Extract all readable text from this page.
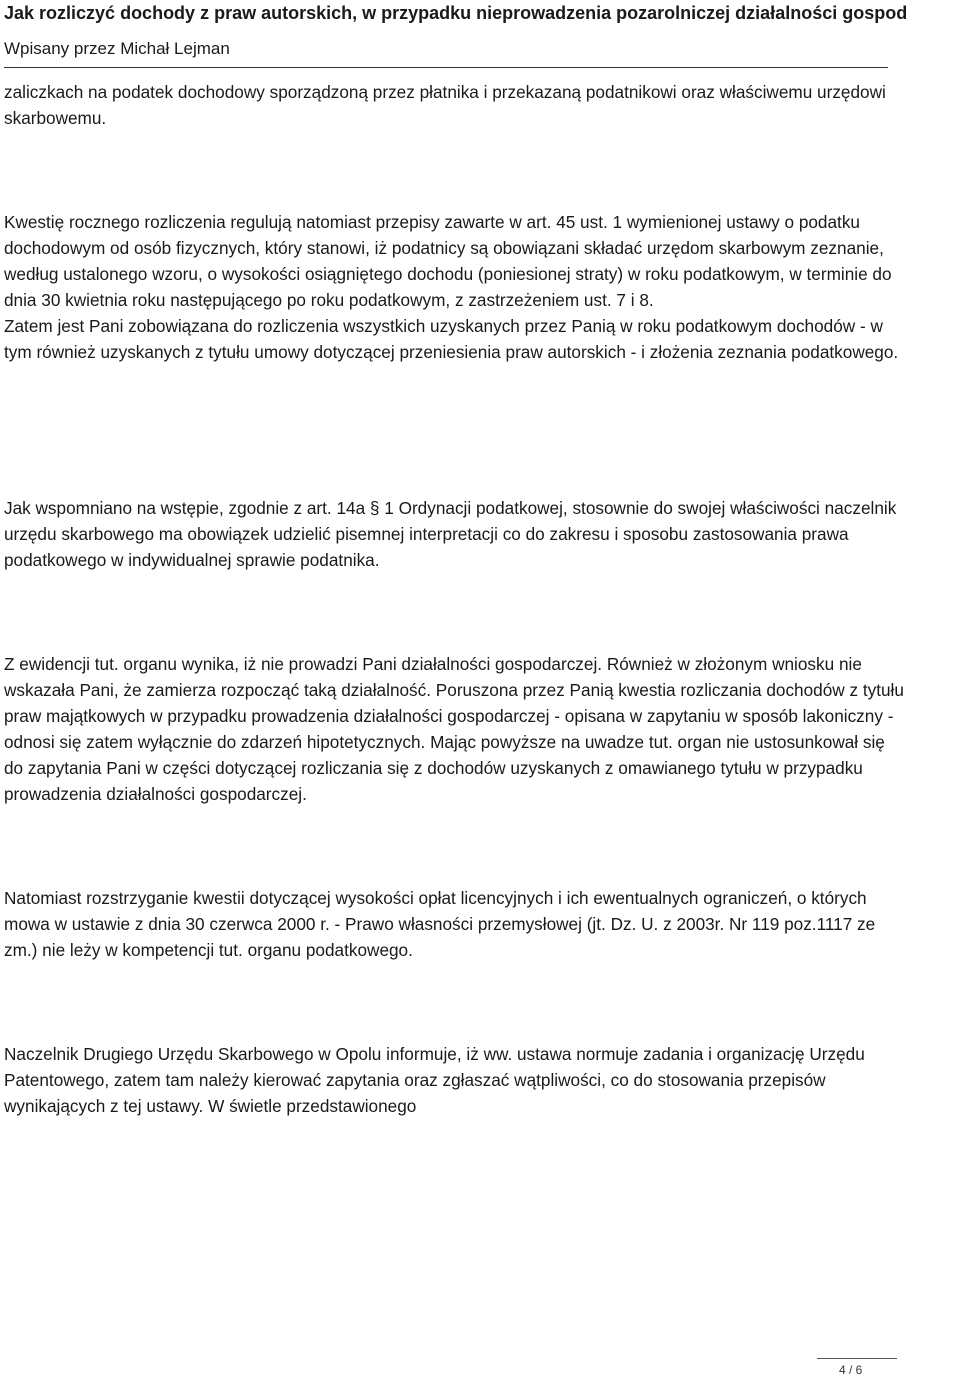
Jak rozliczyć dochody z praw autorskich, w przypadku nieprowadzenia pozarolniczej działalności gospod
Wpisany przez Michał Lejman

zaliczkach na podatek dochodowy sporządzoną przez płatnika i przekazaną podatnikowi oraz właściwemu urzędowi skarbowemu.

Kwestię rocznego rozliczenia regulują natomiast przepisy zawarte w art. 45 ust. 1 wymienionej ustawy o podatku dochodowym od osób fizycznych, który stanowi, iż podatnicy są obowiązani składać urzędom skarbowym zeznanie, według ustalonego wzoru, o wysokości osiągniętego dochodu (poniesionej straty) w roku podatkowym, w terminie do dnia 30 kwietnia roku następującego po roku podatkowym, z zastrzeżeniem ust. 7 i 8.

Zatem jest Pani zobowiązana do rozliczenia wszystkich uzyskanych przez Panią w roku podatkowym dochodów - w tym również uzyskanych z tytułu umowy dotyczącej przeniesienia praw autorskich - i złożenia zeznania podatkowego.

Jak wspomniano na wstępie, zgodnie z art. 14a § 1 Ordynacji podatkowej, stosownie do swojej właściwości naczelnik urzędu skarbowego ma obowiązek udzielić pisemnej interpretacji co do zakresu i sposobu zastosowania prawa podatkowego w indywidualnej sprawie podatnika.

Z ewidencji tut. organu wynika, iż nie prowadzi Pani działalności gospodarczej. Również w złożonym wniosku nie wskazała Pani, że zamierza rozpocząć taką działalność. Poruszona przez Panią kwestia rozliczania dochodów z tytułu praw majątkowych w przypadku prowadzenia działalności gospodarczej - opisana w zapytaniu w sposób lakoniczny - odnosi się zatem wyłącznie do zdarzeń hipotetycznych. Mając powyższe na uwadze tut. organ nie ustosunkował się do zapytania Pani w części dotyczącej rozliczania się z dochodów uzyskanych z omawianego tytułu w przypadku prowadzenia działalności gospodarczej.

Natomiast rozstrzyganie kwestii dotyczącej wysokości opłat licencyjnych i ich ewentualnych ograniczeń, o których mowa w ustawie z dnia 30 czerwca 2000 r. - Prawo własności przemysłowej (jt. Dz. U. z 2003r. Nr 119 poz.1117 ze zm.) nie leży w kompetencji tut. organu podatkowego.

Naczelnik Drugiego Urzędu Skarbowego w Opolu informuje, iż ww. ustawa normuje zadania i organizację Urzędu Patentowego, zatem tam należy kierować zapytania oraz zgłaszać wątpliwości, co do stosowania przepisów wynikających z tej ustawy. W świetle przedstawionego

4 / 6
